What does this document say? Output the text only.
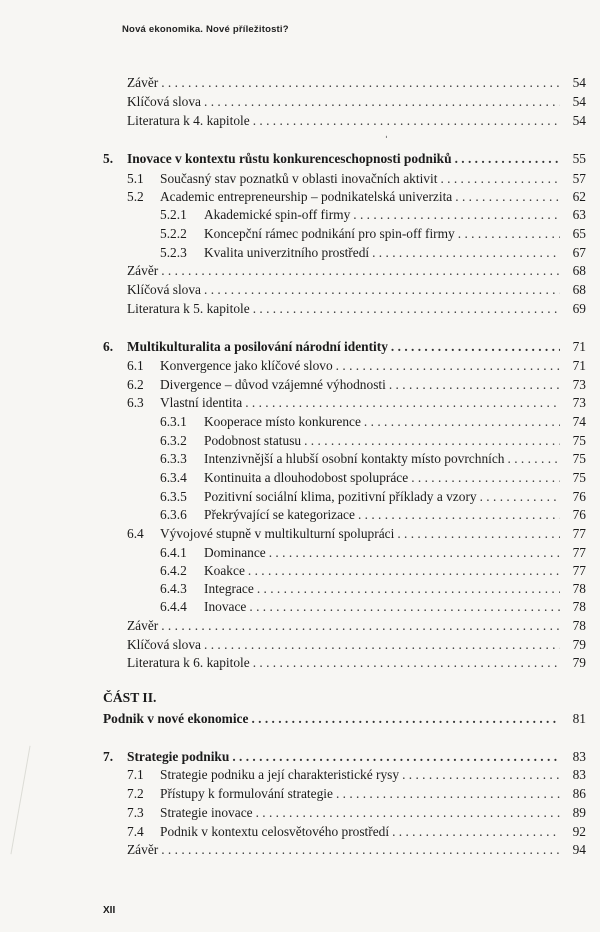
Nová ekonomika. Nové příležitosti?
ˌ
Závěr . . .	54
Klíčová slova . . .	54
Literatura k 4. kapitole . . .	54
5. Inovace v kontextu růstu konkurenceschopnosti podniků . . .	55
5.1 Současný stav poznatků v oblasti inovačních aktivit . . .	57
5.2 Academic entrepreneurship – podnikatelská univerzita . . .	62
5.2.1 Akademické spin-off firmy . . .	63
5.2.2 Koncepční rámec podnikání pro spin-off firmy . . .	65
5.2.3 Kvalita univerzitního prostředí . . .	67
Závěr . . .	68
Klíčová slova . . .	68
Literatura k 5. kapitole . . .	69
6. Multikulturalita a posilování národní identity . . .	71
6.1 Konvergence jako klíčové slovo . . .	71
6.2 Divergence – důvod vzájemné výhodnosti . . .	73
6.3 Vlastní identita . . .	73
6.3.1 Kooperace místo konkurence . . .	74
6.3.2 Podobnost statusu . . .	75
6.3.3 Intenzivnější a hlubší osobní kontakty místo povrchních . . .	75
6.3.4 Kontinuita a dlouhodobost spolupráce . . .	75
6.3.5 Pozitivní sociální klima, pozitivní příklady a vzory . . .	76
6.3.6 Překrývající se kategorizace . . .	76
6.4 Vývojové stupně v multikulturní spolupráci . . .	77
6.4.1 Dominance . . .	77
6.4.2 Koakce . . .	77
6.4.3 Integrace . . .	78
6.4.4 Inovace . . .	78
Závěr . . .	78
Klíčová slova . . .	79
Literatura k 6. kapitole . . .	79
Podnik v nové ekonomice . . .	81
7. Strategie podniku . . .	83
7.1 Strategie podniku a její charakteristické rysy . . .	83
7.2 Přístupy k formulování strategie . . .	86
7.3 Strategie inovace . . .	89
7.4 Podnik v kontextu celosvětového prostředí . . .	92
Závěr . . .	94
ČÁST II.
XII
